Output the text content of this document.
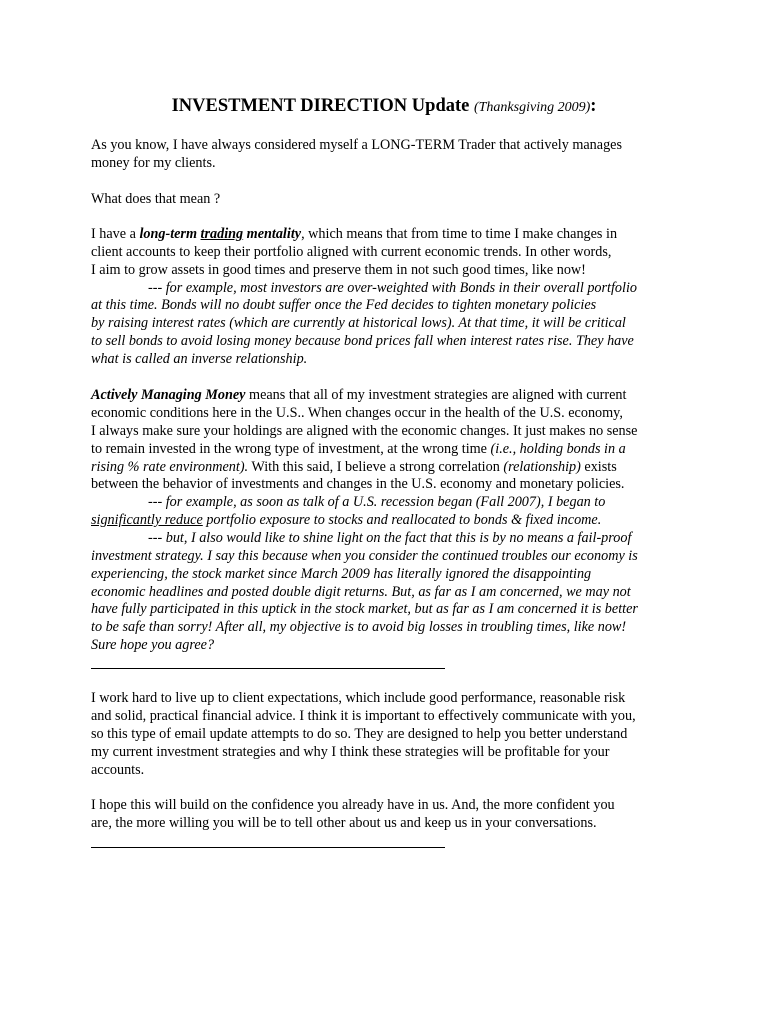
INVESTMENT DIRECTION Update (Thanksgiving 2009):
As you know, I have always considered myself a LONG-TERM Trader that actively manages
money for my clients.
What does that mean ?
I have a long-term trading mentality, which means that from time to time I make changes in
client accounts to keep their portfolio aligned with current economic trends. In other words,
I aim to grow assets in good times and preserve them in not such good times, like now!
--- for example, most investors are over-weighted with Bonds in their overall portfolio
at this time. Bonds will no doubt suffer once the Fed decides to tighten monetary policies
by raising interest rates (which are currently at historical lows). At that time, it will be critical
to sell bonds to avoid losing money because bond prices fall when interest rates rise. They have
what is called an inverse relationship.
Actively Managing Money means that all of my investment strategies are aligned with current
economic conditions here in the U.S.. When changes occur in the health of the U.S. economy,
I always make sure your holdings are aligned with the economic changes. It just makes no sense
to remain invested in the wrong type of investment, at the wrong time (i.e., holding bonds in a
rising % rate environment). With this said, I believe a strong correlation (relationship) exists
between the behavior of investments and changes in the U.S. economy and monetary policies.
--- for example, as soon as talk of a U.S. recession began (Fall 2007), I began to
significantly reduce portfolio exposure to stocks and reallocated to bonds & fixed income.
--- but, I also would like to shine light on the fact that this is by no means a fail-proof
investment strategy. I say this because when you consider the continued troubles our economy is
experiencing, the stock market since March 2009 has literally ignored the disappointing
economic headlines and posted double digit returns. But, as far as I am concerned, we may not
have fully participated in this uptick in the stock market, but as far as I am concerned it is better
to be safe than sorry! After all, my objective is to avoid big losses in troubling times, like now!
Sure hope you agree?
I work hard to live up to client expectations, which include good performance, reasonable risk
and solid, practical financial advice. I think it is important to effectively communicate with you,
so this type of email update attempts to do so. They are designed to help you better understand
my current investment strategies and why I think these strategies will be profitable for your
accounts.
I hope this will build on the confidence you already have in us. And, the more confident you
are, the more willing you will be to tell other about us and keep us in your conversations.
